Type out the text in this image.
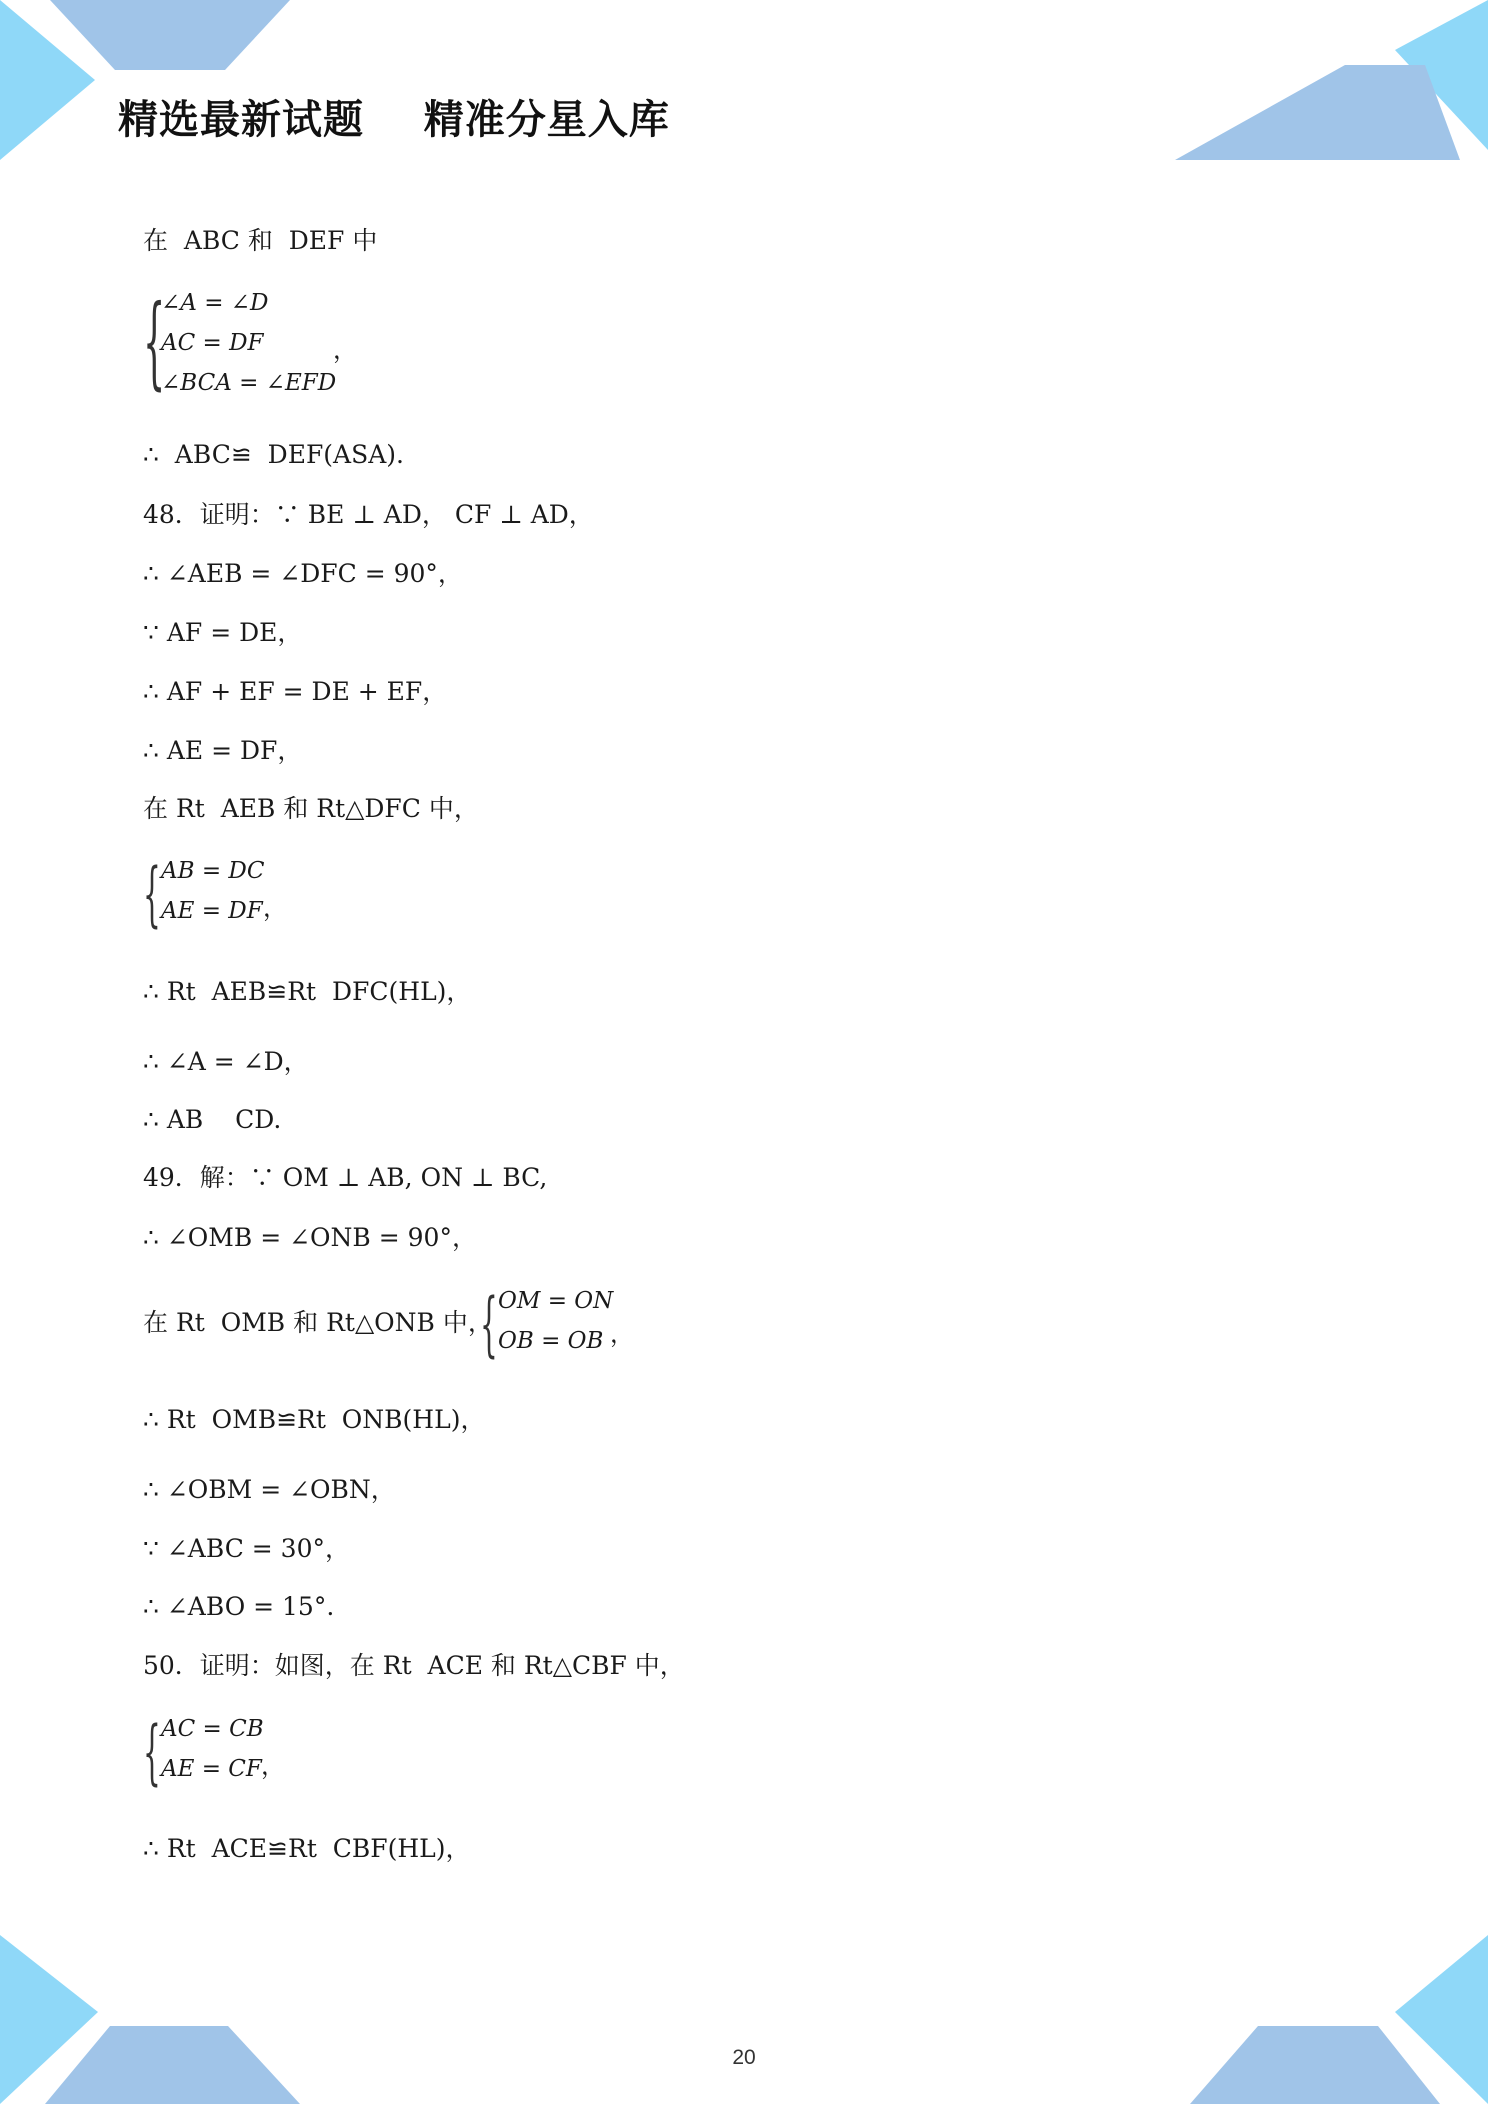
精选最新试题    精准分星入库
在  ABC 和  DEF 中

{

∠A = ∠D

AC = DF

∠BCA = ∠EFD

，

∴  ABC≌  DEF(ASA).
48．证明：∵ BE ⊥ AD， CF ⊥ AD，
∴ ∠AEB = ∠DFC = 90°，
∵ AF = DE，
∴ AF + EF = DE + EF，
∴ AE = DF，
在 Rt  AEB 和 Rt△DFC 中，

{

AB = DC

AE = DF

，

∴ Rt  AEB≌Rt  DFC(HL)，
∴ ∠A = ∠D，
∴ AB    CD.
49．解：∵ OM ⊥ AB, ON ⊥ BC,
∴ ∠OMB = ∠ONB = 90°，
在 Rt  OMB 和 Rt△ONB 中，

{

OM = ON

OB = OB

，

∴ Rt  OMB≌Rt  ONB(HL)，
∴ ∠OBM = ∠OBN，
∵ ∠ABC = 30°，
∴ ∠ABO = 15°.
50．证明：如图，在 Rt  ACE 和 Rt△CBF 中，

{

AC = CB

AE = CF

，

∴ Rt  ACE≌Rt  CBF(HL)，
20
